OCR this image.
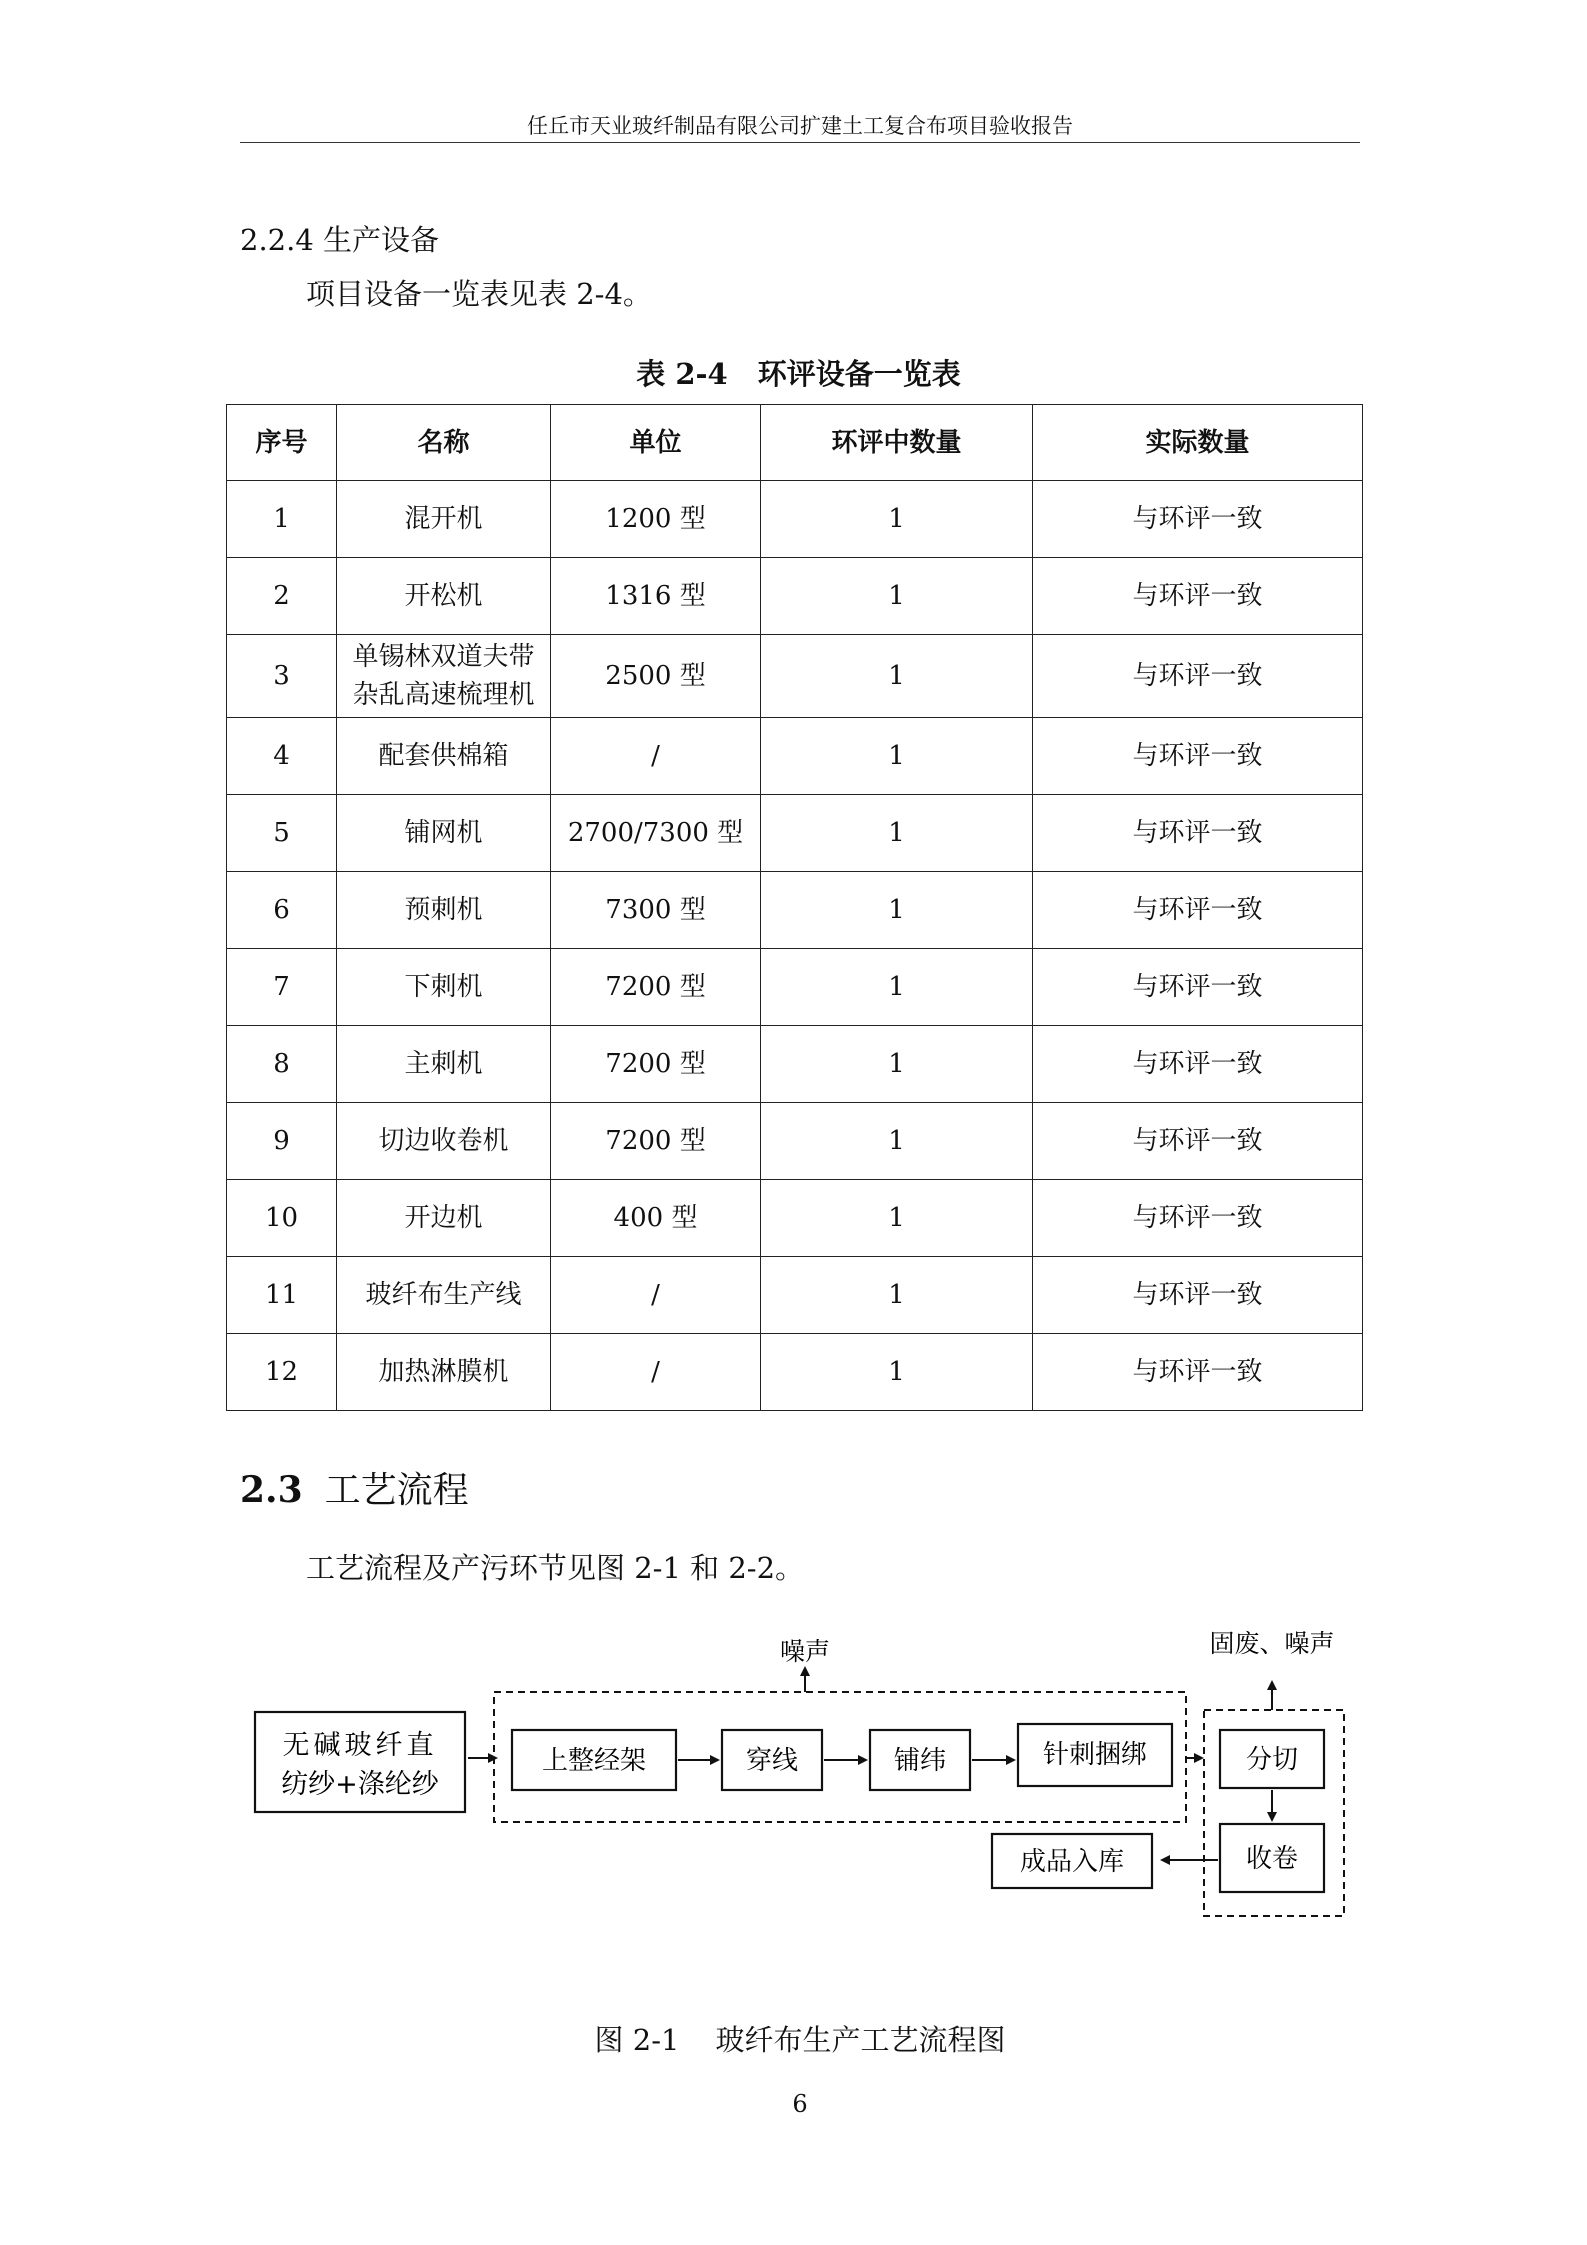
任丘市天业玻纤制品有限公司扩建土工复合布项目验收报告
2.2.4 生产设备
项目设备一览表见表 2-4。
表 2-4 环评设备一览表
序号	名称	单位	环评中数量	实际数量
1	混开机	1200 型	1	与环评一致
2	开松机	1316 型	1	与环评一致
3	单锡林双道夫带杂乱高速梳理机	2500 型	1	与环评一致
4	配套供棉箱	/	1	与环评一致
5	铺网机	2700/7300 型	1	与环评一致
6	预刺机	7300 型	1	与环评一致
7	下刺机	7200 型	1	与环评一致
8	主刺机	7200 型	1	与环评一致
9	切边收卷机	7200 型	1	与环评一致
10	开边机	400 型	1	与环评一致
11	玻纤布生产线	/	1	与环评一致
12	加热淋膜机	/	1	与环评一致
2.3 工艺流程
工艺流程及产污环节见图 2-1 和 2-2。
无碱玻纤直
纺纱+涤纶纱
噪声
上整经架	穿线	铺纬	针刺捆绑
固废、噪声
分切
收卷
成品入库
图 2-1 玻纤布生产工艺流程图
6
